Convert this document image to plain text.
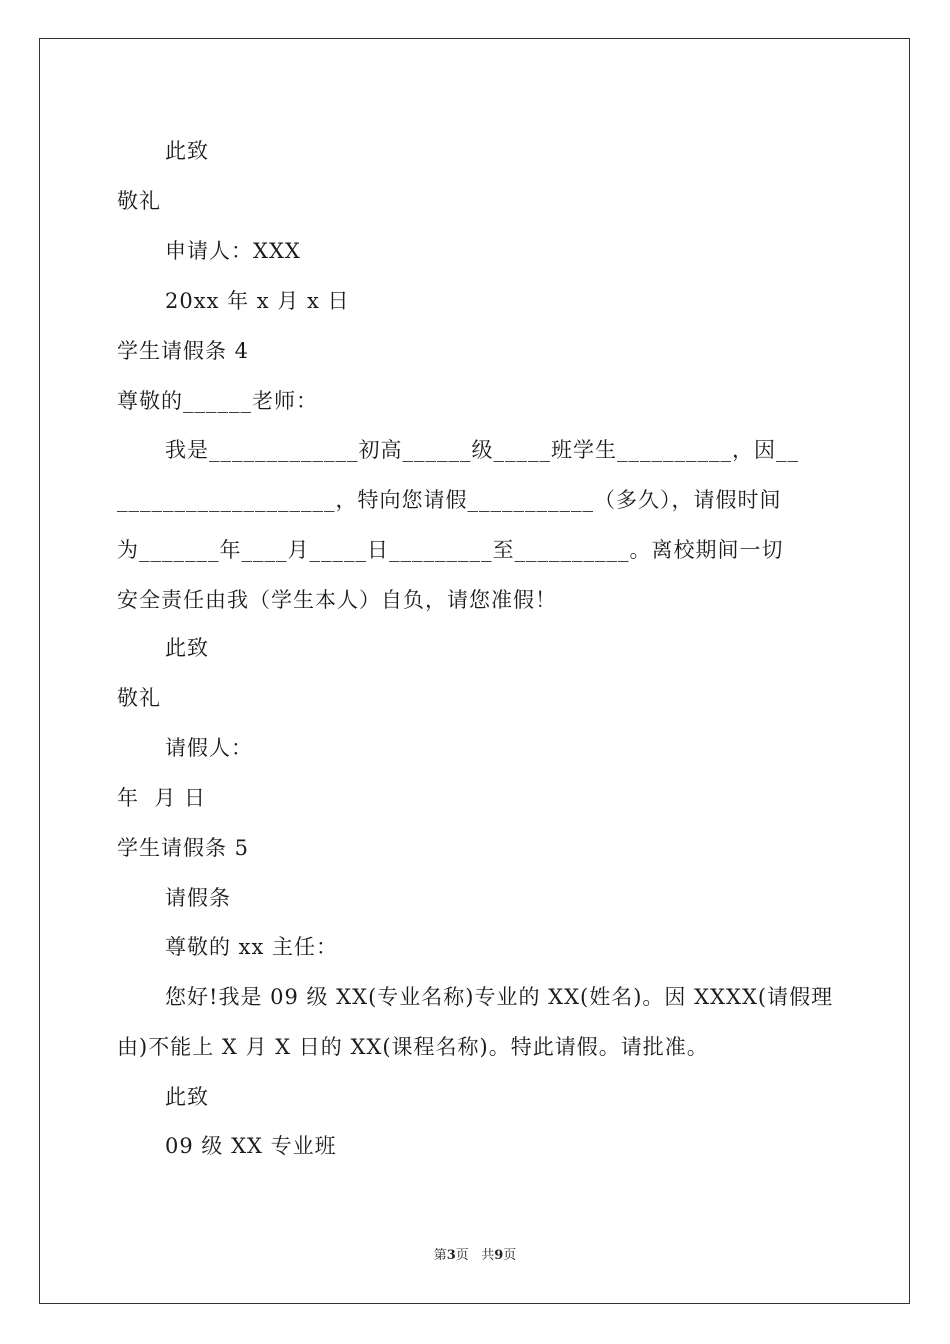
此致
敬礼
申请人：XXX
20xx 年 x 月 x 日
学生请假条 4
尊敬的______老师：
我是_____________初高______级_____班学生__________，因__
___________________，特向您请假___________（多久），请假时间
为_______年____月_____日_________至__________。离校期间一切
安全责任由我（学生本人）自负，请您准假！
此致
敬礼
请假人：
年  月 日
学生请假条 5
请假条
尊敬的 xx 主任：
您好!我是 09 级 XX(专业名称)专业的 XX(姓名)。因 XXXX(请假理
由)不能上 X 月 X 日的 XX(课程名称)。特此请假。请批准。
此致
09 级 XX 专业班
第3页   共9页
